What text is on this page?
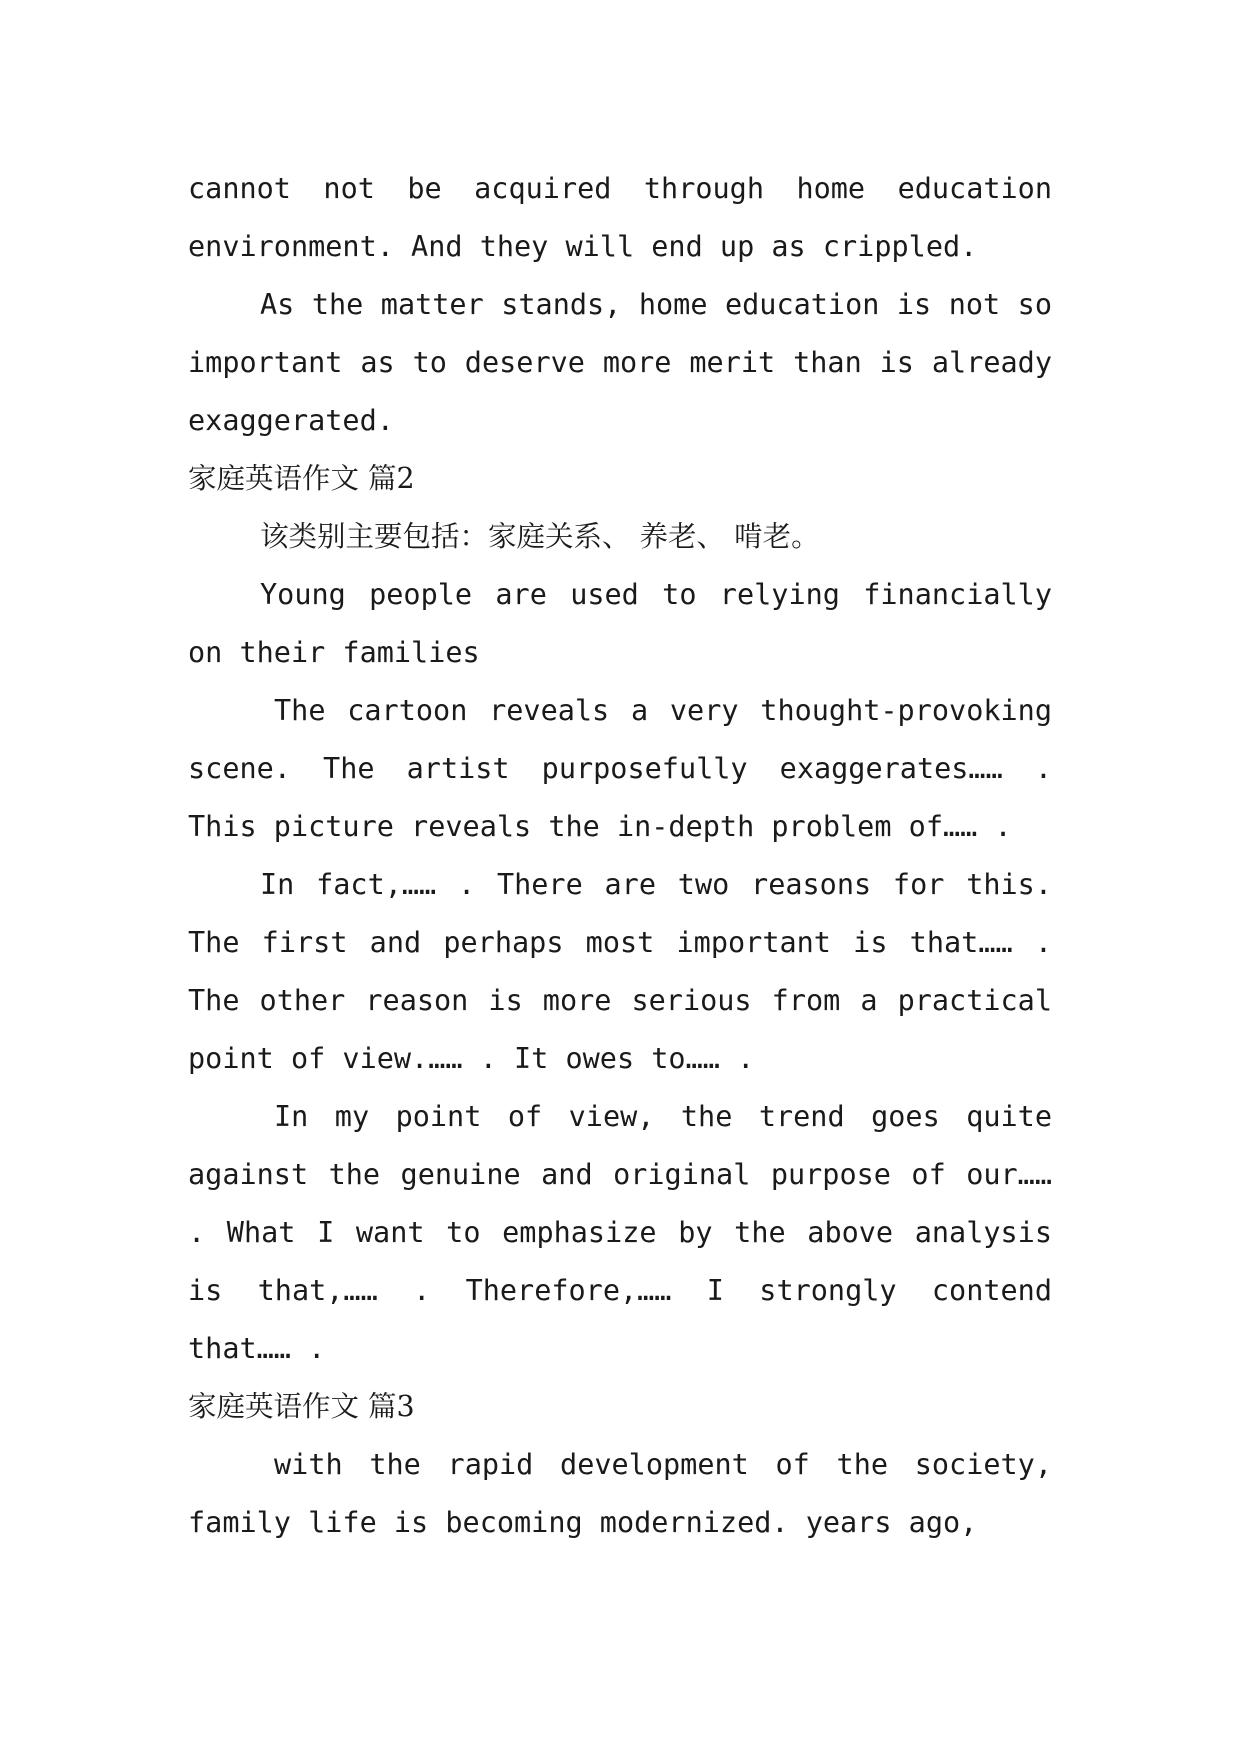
cannot not be acquired through home education environment. And they will end up as crippled.

As the matter stands, home education is not so important as to deserve more merit than is already exaggerated.

家庭英语作文 篇2

该类别主要包括：家庭关系、 养老、 啃老。

Young people are used to relying financially on their families

The cartoon reveals a very thought-provoking scene. The artist purposefully exaggerates…… . This picture reveals the in-depth problem of…… .

In fact,…… . There are two reasons for this. The first and perhaps most important is that…… . The other reason is more serious from a practical point of view.…… . It owes to…… .

In my point of view, the trend goes quite against the genuine and original purpose of our…… . What I want to emphasize by the above analysis is that,…… . Therefore,…… I strongly contend that…… .

家庭英语作文 篇3

with the rapid development of the society, family life is becoming modernized. years ago,
